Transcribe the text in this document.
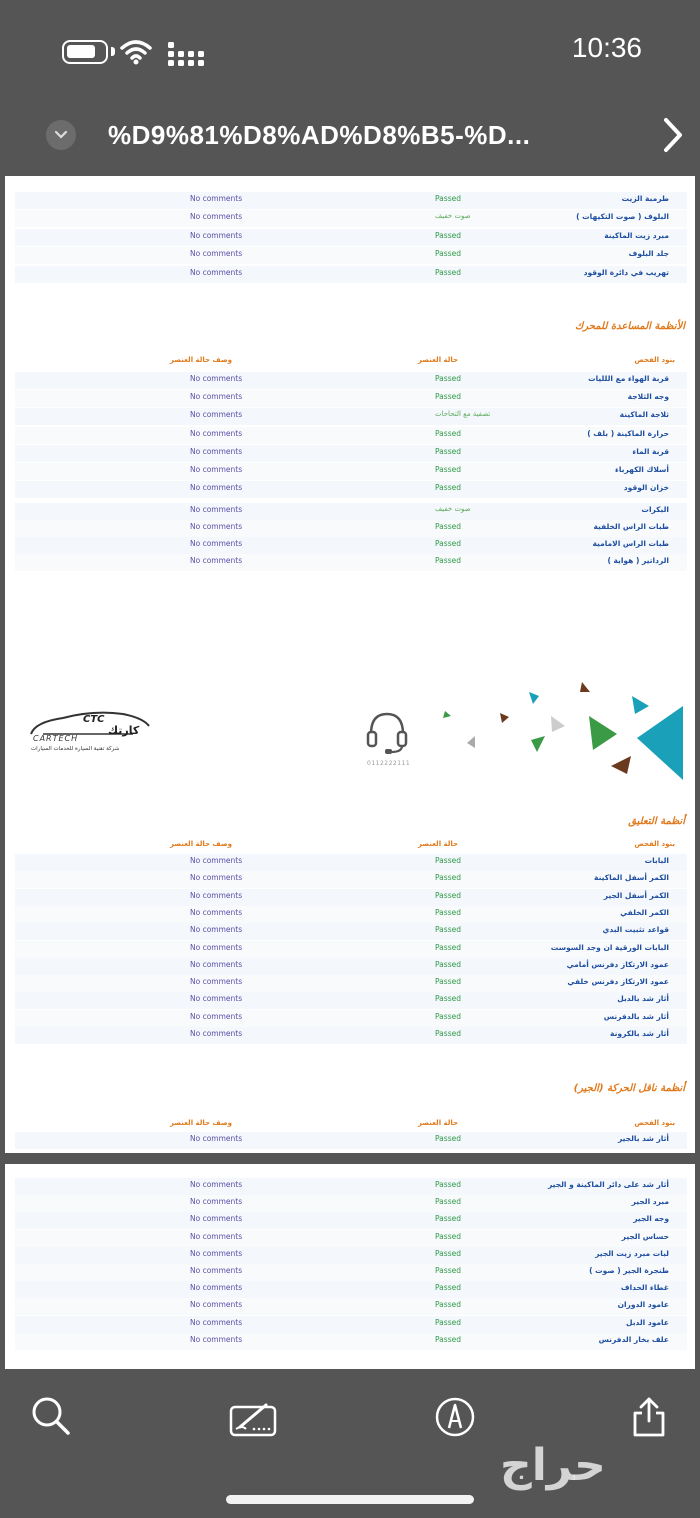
10:36
%D9%81%D8%AD%D8%B5-%D...
No comments	Passed	طرمبة الزيت
No comments	صوت خفيف	البلوف ( صوت التكيهات )
No comments	Passed	مبرد زيت الماكينة
No comments	Passed	جلد البلوف
No comments	Passed	تهريب في دائرة الوقود
الأنظمة المساعدة للمحرك
وصف حالة العنصر	حالة العنصر	بنود الفحص
No comments	Passed	قربة الهواء مع اللليات
No comments	Passed	وجه الثلاجة
No comments	تصفية مع التحاحات	ثلاجة الماكينة
No comments	Passed	حرارة الماكينة ( بلف )
No comments	Passed	قربة الماء
No comments	Passed	أسلاك الكهرباء
No comments	Passed	خزان الوقود
No comments	صوت خفيف	البكرات
No comments	Passed	طبات الراس الخلفية
No comments	Passed	طبات الراس الامامية
No comments	Passed	الرداتير ( هواية )
CTC
كارتك
CARTECH
شركة تقنية السيارة للخدمات السيارات
0112222111
أنظمة التعليق
وصف حالة العنصر	حالة العنصر	بنود الفحص
No comments	Passed	البابات
No comments	Passed	الكمر أسفل الماكينة
No comments	Passed	الكمر أسفل الجير
No comments	Passed	الكمر الخلفي
No comments	Passed	قواعد تثبيت البدي
No comments	Passed	البابات الورقية ان وجد السوست
No comments	Passed	عمود الارتكاز دفرنس أمامي
No comments	Passed	عمود الارتكاز دفرنس خلفي
No comments	Passed	أثار شد بالدبل
No comments	Passed	أثار شد بالدفرنس
No comments	Passed	أثار شد بالكرونة
أنظمة ناقل الحركة (الجير)
وصف حالة العنصر	حالة العنصر	بنود الفحص
No comments	Passed	أثار شد بالجير
No comments	Passed	أثار شد على دائر الماكينة و الجير
No comments	Passed	مبرد الجير
No comments	Passed	وجه الجير
No comments	Passed	حساس الجير
No comments	Passed	لبات مبرد زيت الجير
No comments	Passed	طنجرة الجير ( صوت )
No comments	Passed	غطاء الحداف
No comments	Passed	عامود الدوران
No comments	Passed	عامود الدبل
No comments	Passed	علف بخار الدفرنس
حراج
